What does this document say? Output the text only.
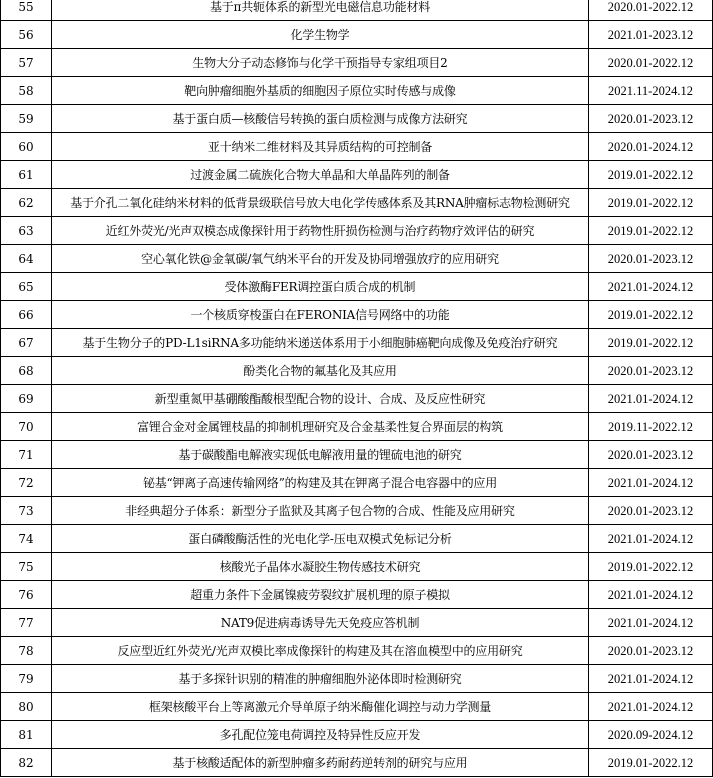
55	基于π共轭体系的新型光电磁信息功能材料	2020.01-2022.12
56	化学生物学	2021.01-2023.12
57	生物大分子动态修饰与化学干预指导专家组项目2	2020.01-2022.12
58	靶向肿瘤细胞外基质的细胞因子原位实时传感与成像	2021.11-2024.12
59	基于蛋白质—核酸信号转换的蛋白质检测与成像方法研究	2020.01-2023.12
60	亚十纳米二维材料及其异质结构的可控制备	2020.01-2024.12
61	过渡金属二硫族化合物大单晶和大单晶阵列的制备	2019.01-2022.12
62	基于介孔二氧化硅纳米材料的低背景级联信号放大电化学传感体系及其RNA肿瘤标志物检测研究	2019.01-2022.12
63	近红外荧光/光声双模态成像探针用于药物性肝损伤检测与治疗药物疗效评估的研究	2019.01-2022.12
64	空心氧化铁@金氧碳/氧气纳米平台的开发及协同增强放疗的应用研究	2020.01-2023.12
65	受体激酶FER调控蛋白质合成的机制	2021.01-2024.12
66	一个核质穿梭蛋白在FERONIA信号网络中的功能	2019.01-2022.12
67	基于生物分子的PD-L1siRNA多功能纳米递送体系用于小细胞肺癌靶向成像及免疫治疗研究	2019.01-2022.12
68	酚类化合物的氟基化及其应用	2020.01-2023.12
69	新型重氮甲基硼酸酯酸根型配合物的设计、合成、及反应性研究	2021.01-2024.12
70	富锂合金对金属锂枝晶的抑制机理研究及合金基柔性复合界面层的构筑	2019.11-2022.12
71	基于碳酸酯电解液实现低电解液用量的锂硫电池的研究	2020.01-2023.12
72	铋基“钾离子高速传输网络”的构建及其在钾离子混合电容器中的应用	2021.01-2024.12
73	非经典超分子体系：新型分子监狱及其离子包合物的合成、性能及应用研究	2020.01-2023.12
74	蛋白磷酸酶活性的光电化学-压电双模式免标记分析	2021.01-2024.12
75	核酸光子晶体水凝胶生物传感技术研究	2019.01-2022.12
76	超重力条件下金属镍疲劳裂纹扩展机理的原子模拟	2021.01-2024.12
77	NAT9促进病毒诱导先天免疫应答机制	2021.01-2024.12
78	反应型近红外荧光/光声双模比率成像探针的构建及其在溶血模型中的应用研究	2020.01-2023.12
79	基于多探针识别的精准的肿瘤细胞外泌体即时检测研究	2021.01-2024.12
80	框架核酸平台上等离激元介导单原子纳米酶催化调控与动力学测量	2021.01-2024.12
81	多孔配位笼电荷调控及特异性反应开发	2020.09-2024.12
82	基于核酸适配体的新型肿瘤多药耐药逆转剂的研究与应用	2019.01-2022.12
